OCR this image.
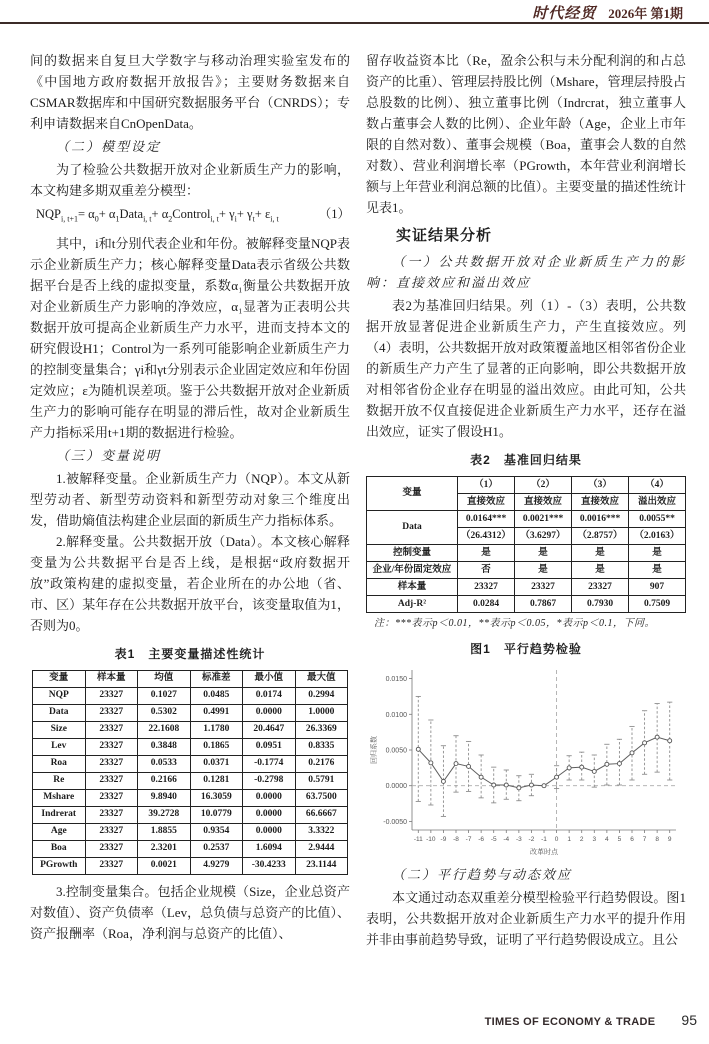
时代经贸 2026年 第1期

间的数据来自复旦大学数字与移动治理实验室发布的《中国地方政府数据开放报告》；主要财务数据来自CSMAR数据库和中国研究数据服务平台（CNRDS）；专利申请数据来自CnOpenData。

（二）模型设定

为了检验公共数据开放对企业新质生产力的影响，本文构建多期双重差分模型：

$NQP_{i, t+1}= \alpha_0+$ $\alpha_1Data_{i, t}+$ $\alpha_2Control_{i, t}+ \gamma_i+ \gamma_t+ \varepsilon_{i, t}$	（1）

其中，i和t分别代表企业和年份。被解释变量NQP表示企业新质生产力；核心解释变量Data表示省级公共数据平台是否上线的虚拟变量，系数α₁衡量公共数据开放对企业新质生产力影响的净效应，α₁显著为正表明公共数据开放可提高企业新质生产力水平，进而支持本文的研究假设H1；Control为一系列可能影响企业新质生产力的控制变量集合；γi和γt分别表示企业固定效应和年份固定效应；ε为随机误差项。鉴于公共数据开放对企业新质生产力的影响可能存在明显的滞后性，故对企业新质生产力指标采用t+1期的数据进行检验。

（三）变量说明

1.被解释变量。企业新质生产力（NQP）。本文从新型劳动者、新型劳动资料和新型劳动对象三个维度出发，借助熵值法构建企业层面的新质生产力指标体系。

2.解释变量。公共数据开放（Data）。本文核心解释变量为公共数据平台是否上线，是根据“政府数据开放”政策构建的虚拟变量，若企业所在的办公地（省、市、区）某年存在公共数据开放平台，该变量取值为1，否则为0。

表1　主要变量描述性统计
变量	样本量	均值	标准差	最小值	最大值
NQP	23327	0.1027	0.0485	0.0174	0.2994
Data	23327	0.5302	0.4991	0.0000	1.0000
Size	23327	22.1608	1.1780	20.4647	26.3369
Lev	23327	0.3848	0.1865	0.0951	0.8335
Roa	23327	0.0533	0.0371	-0.1774	0.2176
Re	23327	0.2166	0.1281	-0.2798	0.5791
Mshare	23327	9.8940	16.3059	0.0000	63.7500
Indrerat	23327	39.2728	10.0779	0.0000	66.6667
Age	23327	1.8855	0.9354	0.0000	3.3322
Boa	23327	2.3201	0.2537	1.6094	2.9444
PGrowth	23327	0.0021	4.9279	-30.4233	23.1144

3.控制变量集合。包括企业规模（Size，企业总资产对数值）、资产负债率（Lev，总负债与总资产的比值）、资产报酬率（Roa，净利润与总资产的比值）、

留存收益资本比（Re，盈余公积与未分配利润的和占总资产的比重）、管理层持股比例（Mshare，管理层持股占总股数的比例）、独立董事比例（Indrcrat，独立董事人数占董事会人数的比例）、企业年龄（Age，企业上市年限的自然对数）、董事会规模（Boa，董事会人数的自然对数）、营业利润增长率（PGrowth，本年营业利润增长额与上年营业利润总额的比值）。主要变量的描述性统计见表1。

实证结果分析

（一）公共数据开放对企业新质生产力的影响：直接效应和溢出效应

表2为基准回归结果。列（1）-（3）表明，公共数据开放显著促进企业新质生产力，产生直接效应。列（4）表明，公共数据开放对政策覆盖地区相邻省份企业的新质生产力产生了显著的正向影响，即公共数据开放对相邻省份企业存在明显的溢出效应。由此可知，公共数据开放不仅直接促进企业新质生产力水平，还存在溢出效应，证实了假设H1。

表2　基准回归结果
变量	（1）	（2）	（3）	（4）
	直接效应	直接效应	直接效应	溢出效应
Data	0.0164***	0.0021***	0.0016***	0.0055**
	（26.4312）	（3.6297）	（2.8757）	（2.0163）
控制变量	是	是	是	是
企业/年份固定效应	否	是	是	是
样本量	23327	23327	23327	907
Adj-R²	0.0284	0.7867	0.7930	0.7509

注：***表示p＜0.01，**表示p＜0.05，*表示p＜0.1，下同。

图1　平行趋势检验
0.0150
0.0100
0.0050
0.0000
-0.0050
-11 -10 -9 -8 -7 -6 -5 -4 -3 -2 -1 0 1 2 3 4 5 6 7 8 9
回归系数
改革时点

（二）平行趋势与动态效应

本文通过动态双重差分模型检验平行趋势假设。图1表明，公共数据开放对企业新质生产力水平的提升作用并非由事前趋势导致，证明了平行趋势假设成立。且公

TIMES OF ECONOMY & TRADE 95
